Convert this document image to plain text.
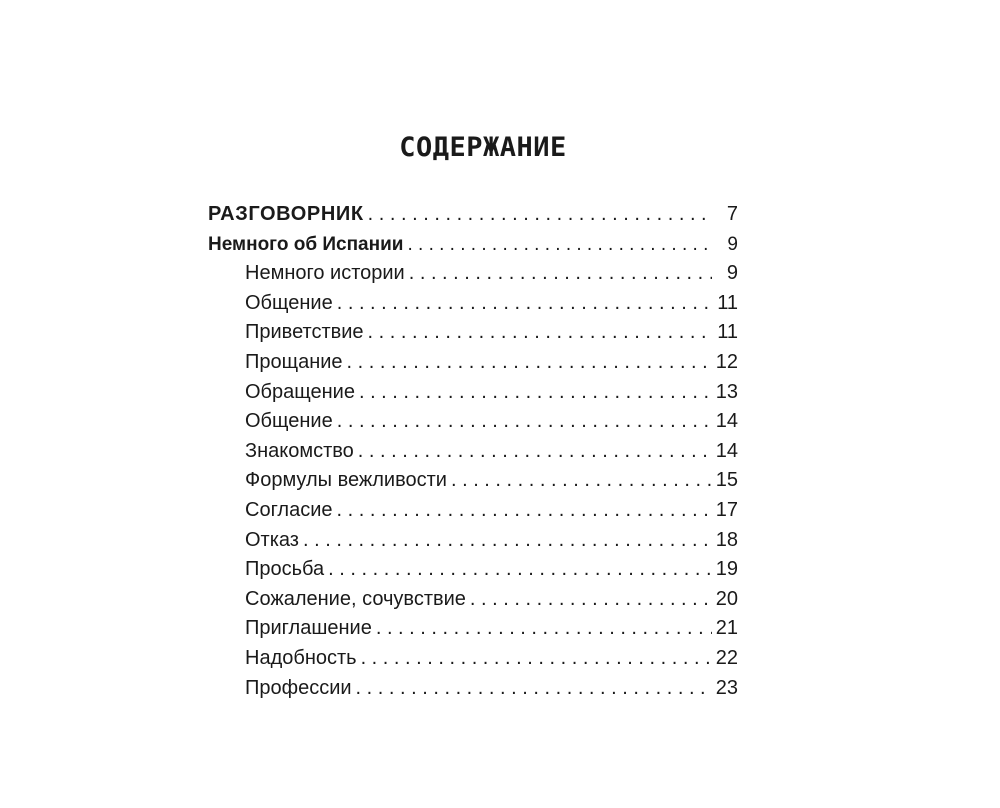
СОДЕРЖАНИЕ
РАЗГОВОРНИК . . .	7
Немного об Испании . . .	9
Немного истории . . .	9
Общение . . .	11
Приветствие . . .	11
Прощание . . .	12
Обращение . . .	13
Общение . . .	14
Знакомство . . .	14
Формулы вежливости . . .	15
Согласие . . .	17
Отказ . . .	18
Просьба . . .	19
Сожаление, сочувствие . . .	20
Приглашение . . .	21
Надобность . . .	22
Профессии . . .	23
